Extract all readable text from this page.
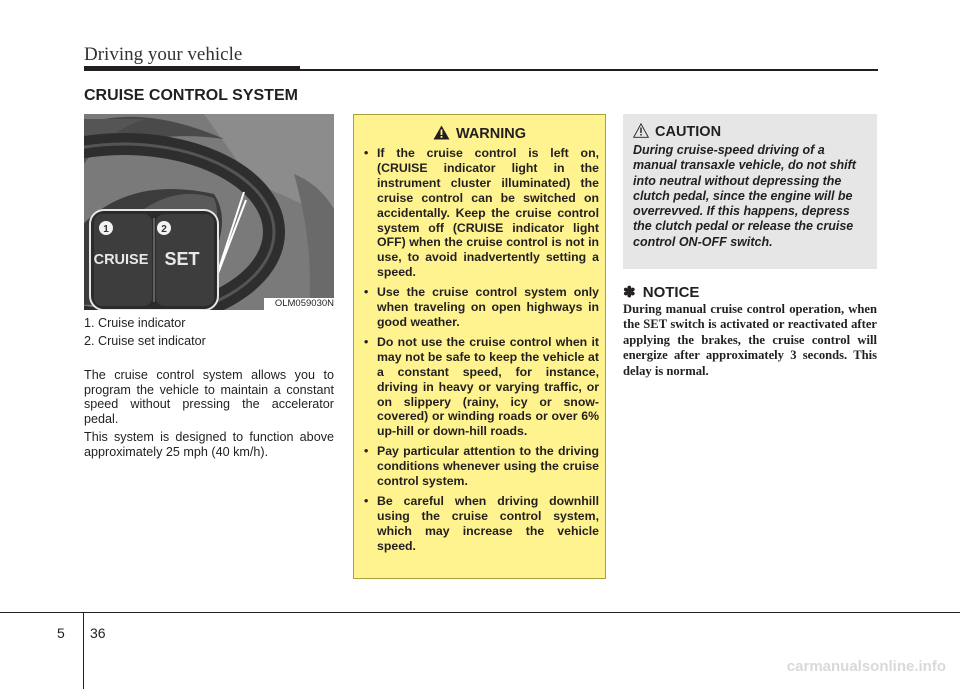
Driving your vehicle
CRUISE CONTROL SYSTEM
1	2
CRUISE SET
OLM059030N

1. Cruise indicator

2. Cruise set indicator

The cruise control system allows you to program the vehicle to maintain a constant speed without pressing the accelerator pedal.

This system is designed to function above approximately 25 mph (40 km/h).

WARNING
• If the cruise control is left on, (CRUISE indicator light in the instrument cluster illuminated) the cruise control can be switched on accidentally. Keep the cruise control system off (CRUISE indicator light OFF) when the cruise control is not in use, to avoid inadvertently setting a speed.
• Use the cruise control system only when traveling on open highways in good weather.
• Do not use the cruise control when it may not be safe to keep the vehicle at a constant speed, for instance, driving in heavy or varying traffic, or on slippery (rainy, icy or snow-covered) or winding roads or over 6% up-hill or down-hill roads.
• Pay particular attention to the driving conditions whenever using the cruise control system.
• Be careful when driving downhill using the cruise control system, which may increase the vehicle speed.
CAUTION

During cruise-speed driving of a manual transaxle vehicle, do not shift into neutral without depressing the clutch pedal, since the engine will be overrevved. If this happens, depress the clutch pedal or release the cruise control ON-OFF switch.

✽ NOTICE

During manual cruise control operation, when the SET switch is activated or reactivated after applying the brakes, the cruise control will energize after approximately 3 seconds. This delay is normal.

5 36
carmanualsonline.info
